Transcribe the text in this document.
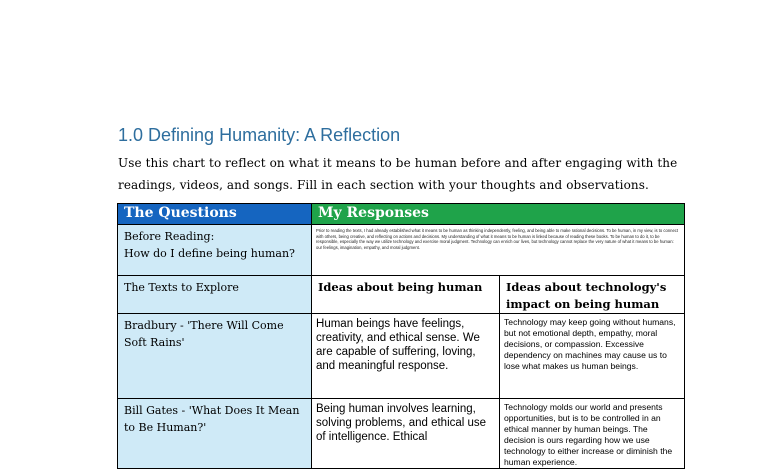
1.0 Defining Humanity: A Reflection
Use this chart to reflect on what it means to be human before and after engaging with the readings, videos, and songs. Fill in each section with your thoughts and observations.
The Questions	My Responses	

Before Reading:
How do I define being human?	Prior to reading the texts, I had already established what it means to be human as thinking independently, feeling, and being able to make rational decisions. To be human, in my view, is to connect with others, being creative, and reflecting on actions and decisions. My understanding of what it means to be human is linked because of reading these books. To be human to do it, to be responsible, especially the way we utilize technology and exercise moral judgment. Technology can enrich our lives, but technology cannot replace the very nature of what it means to be human: our feelings, imagination, empathy, and moral judgment.	
The Texts to Explore	Ideas about being human	Ideas about technology's impact on being human
Bradbury - 'There Will Come Soft Rains'	Human beings have feelings, creativity, and ethical sense. We are capable of suffering, loving, and meaningful response.	Technology may keep going without humans, but not emotional depth, empathy, moral decisions, or compassion. Excessive dependency on machines may cause us to lose what makes us human beings.
Bill Gates - 'What Does It Mean to Be Human?'	Being human involves learning, solving problems, and ethical use of intelligence. Ethical	Technology molds our world and presents opportunities, but is to be controlled in an ethical manner by human beings. The decision is ours regarding how we use technology to either increase or diminish the human experience.
